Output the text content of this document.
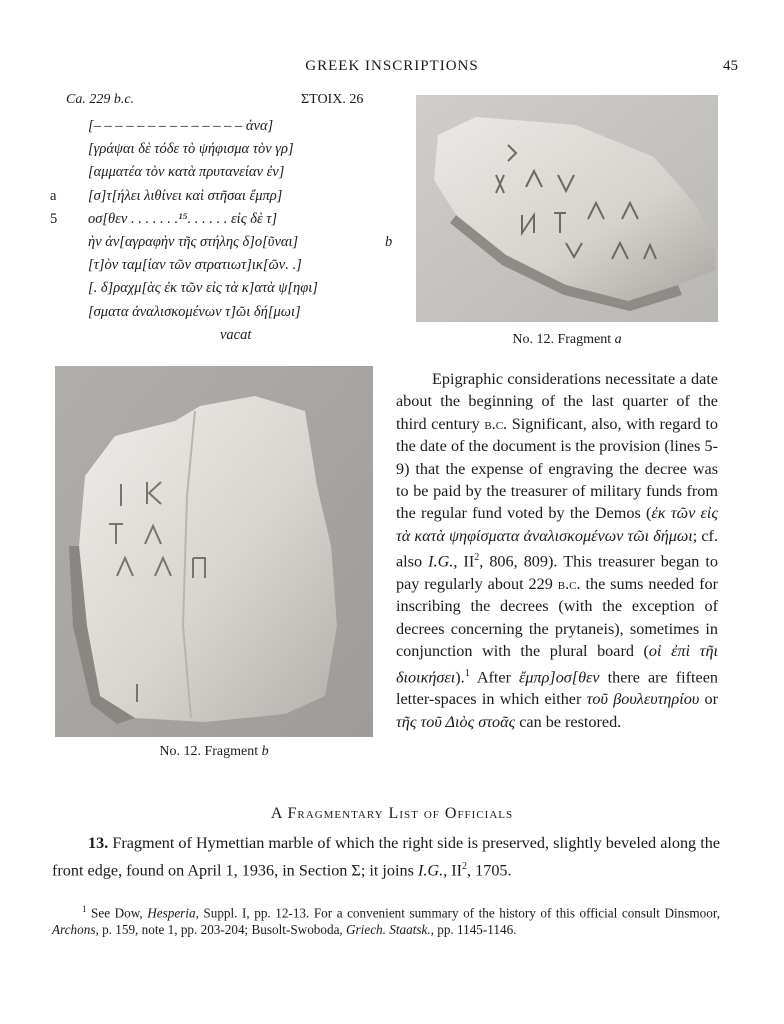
GREEK INSCRIPTIONS	45
Ca. 229 b.c.	ΣΤΟΙΧ. 26
[– – – – – – – – – – – – – – ἀνα]
[γράψαι δὲ τόδε τὸ ψήφισμα τὸν γρ]
[αμματέα τὸν κατὰ πρυτανείαν ἐν]
a	[σ]τ[ήλει λιθίνει καὶ στῆσαι ἔμπρ]
5	οσ[θεν . . . . . . .¹⁵. . . . . . εἰς δὲ τ]
ὴν ἀν[αγραφὴν τῆς στήλης δ]ο[ῦναι]	b
[τ]ὸν ταμ[ίαν τῶν στρατιωτ]ικ[ῶν. .]
[. δ]ραχμ[ὰς ἐκ τῶν εἰς τὰ κ]ατὰ ψ[ηφι]
[σματα ἀναλισκομένων τ]ῶι δή[μωι]
vacat	No. 12. Fragment a
No. 12. Fragment b
Epigraphic considerations necessitate a date about the beginning of the last quarter of the third century b.c. Significant, also, with regard to the date of the document is the provision (lines 5-9) that the expense of engraving the decree was to be paid by the treasurer of military funds from the regular fund voted by the Demos (ἐκ τῶν εἰς τὰ κατὰ ψηφίσματα ἀναλισκομένων τῶι δήμωι; cf. also I.G., $II^2$, 806, 809). This treasurer began to pay regularly about 229 b.c. the sums needed for inscribing the decrees (with the exception of decrees concerning the prytaneis), sometimes in conjunction with the plural board (οἱ ἐπὶ τῆι διοικήσει).$^1$ After ἔμπρ]οσ[θεν there are fifteen letter-spaces in which either τοῦ βουλευτηρίου or τῆς τοῦ Διὸς στοᾶς can be restored.
A Fragmentary List of Officials
13. Fragment of Hymettian marble of which the right side is preserved, slightly beveled along the front edge, found on April 1, 1936, in Section Σ; it joins I.G., $II^2$, 1705.
$^1$ See Dow, Hesperia, Suppl. I, pp. 12-13. For a convenient summary of the history of this official consult Dinsmoor, Archons, p. 159, note 1, pp. 203-204; Busolt-Swoboda, Griech. Staatsk., pp. 1145-1146.
